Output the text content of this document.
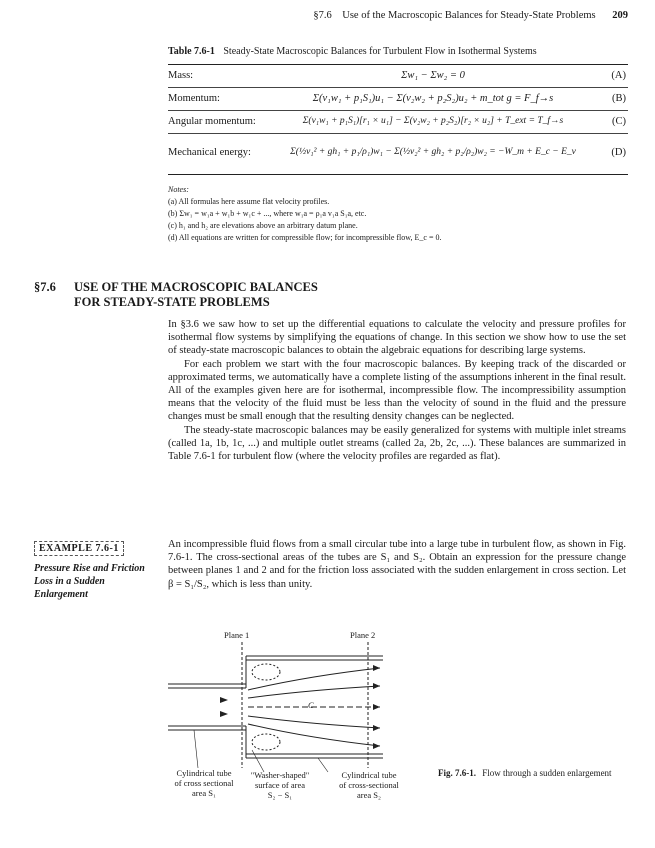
§7.6 Use of the Macroscopic Balances for Steady-State Problems 209
Table 7.6-1 Steady-State Macroscopic Balances for Turbulent Flow in Isothermal Systems
Mass:	Σw₁ − Σw₂ = 0	(A)
Momentum:	Σ(v₁w₁ + p₁S₁)u₁ − Σ(v₂w₂ + p₂S₂)u₂ + m_tot g = F_f→s	(B)
Angular momentum:	Σ(v₁w₁ + p₁S₁)[r₁ × u₁] − Σ(v₂w₂ + p₂S₂)[r₂ × u₂] + T_ext = T_f→s	(C)
Mechanical energy:	Σ(½v₁² + gh₁ + p₁/ρ₁)w₁ − Σ(½v₂² + gh₂ + p₂/ρ₂)w₂ = −W_m + E_c − E_v	(D)
Notes:
(a) All formulas here assume flat velocity profiles.
(b) Σw₁ = w₁a + w₁b + w₁c + ..., where w₁a = ρ₁a v₁a S₁a, etc.
(c) h₁ and h₂ are elevations above an arbitrary datum plane.
(d) All equations are written for compressible flow; for incompressible flow, E_c = 0.
§7.6 USE OF THE MACROSCOPIC BALANCES
FOR STEADY-STATE PROBLEMS

In §3.6 we saw how to set up the differential equations to calculate the velocity and pressure profiles for isothermal flow systems by simplifying the equations of change. In this section we show how to use the set of steady-state macroscopic balances to obtain the algebraic equations for describing large systems.

For each problem we start with the four macroscopic balances. By keeping track of the discarded or approximated terms, we automatically have a complete listing of the assumptions inherent in the final result. All of the examples given here are for isothermal, incompressible flow. The incompressibility assumption means that the velocity of the fluid must be less than the velocity of sound in the fluid and the pressure changes must be small enough that the resulting density changes can be neglected.

The steady-state macroscopic balances may be easily generalized for systems with multiple inlet streams (called 1a, 1b, 1c, ...) and multiple outlet streams (called 2a, 2b, 2c, ...). These balances are summarized in Table 7.6-1 for turbulent flow (where the velocity profiles are regarded as flat).

EXAMPLE 7.6-1
Pressure Rise and Friction Loss in a Sudden Enlargement

An incompressible fluid flows from a small circular tube into a large tube in turbulent flow, as shown in Fig. 7.6-1. The cross-sectional areas of the tubes are S₁ and S₂. Obtain an expression for the pressure change between planes 1 and 2 and for the friction loss associated with the sudden enlargement in cross section. Let β = S₁/S₂, which is less than unity.

Plane 1	Plane 2
C
Cylindrical tube
of cross sectional
area S₁
"Washer-shaped"
surface of area
S₂ − S₁
Cylindrical tube
of cross-sectional
area S₂
Fig. 7.6-1. Flow through a sudden enlargement
